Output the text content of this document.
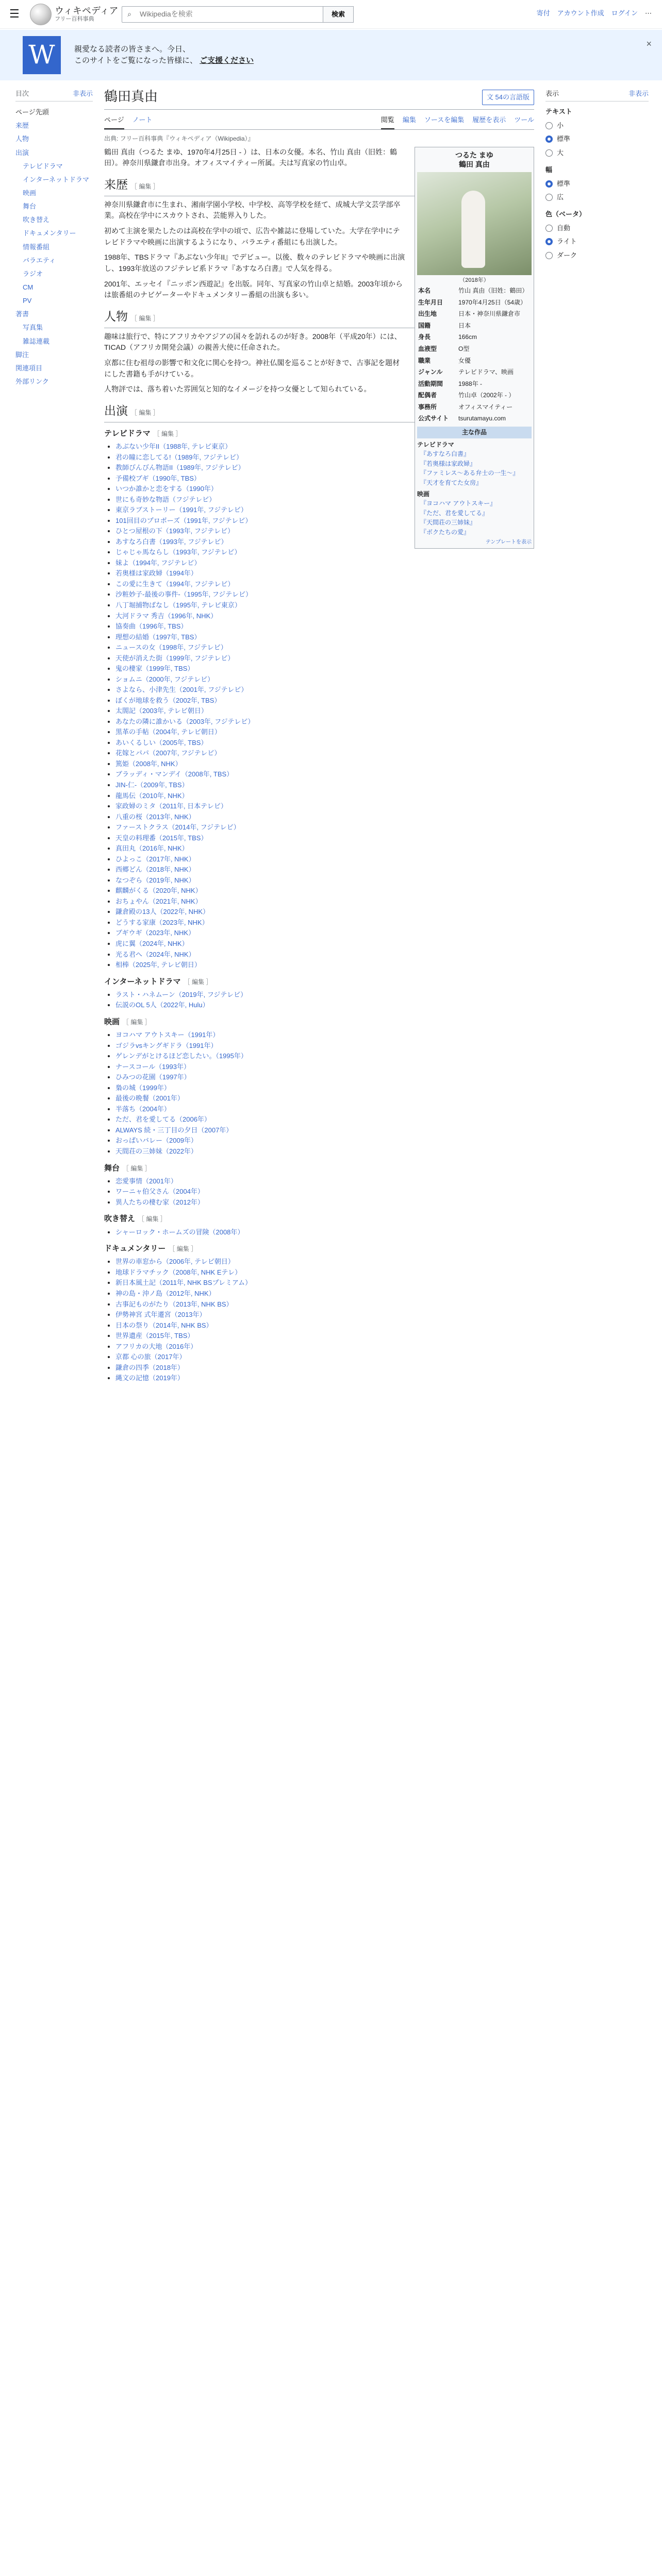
☰	ウィキペディア
フリー百科事典
⌕
Wikipediaを検索	検索	寄付 アカウント作成 ログイン ⋯
W	親愛なる読者の皆さまへ。今日、
このサイトをご覧になった皆様に、 ご支援ください
×
目次	非表示
ページ先頭
来歴
人物
出演
テレビドラマ
インターネットドラマ
映画
舞台
吹き替え
ドキュメンタリー
情報番組
バラエティ
ラジオ
CM
PV
著書
写真集
雑誌連載
脚注
関連項目
外部リンク
鶴田真由	文 54の言語版
ページ ノート	閲覧 編集 ソースを編集 履歴を表示 ツール
出典: フリー百科事典『ウィキペディア（Wikipedia）』
つるた まゆ
鶴田 真由
（2018年）
本名	竹山 真由（旧姓：鶴田）
生年月日	1970年4月25日（54歳）
出生地	日本・神奈川県鎌倉市
国籍	日本
身長	166cm
血液型	O型
職業	女優
ジャンル	テレビドラマ、映画
活動期間	1988年 -
配偶者	竹山卓（2002年 - ）
事務所	オフィスマイティー
公式サイト	tsurutamayu.com
主な作品
テレビドラマ
『あすなろ白書』
『若奥様は家政婦』
『ファミレス～ある弁士の一生～』
『天才を育てた女房』
映画
『ヨコハマ アウトスキー』
『ただ、君を愛してる』
『天間荘の三姉妹』
『ボクたちの愛』
テンプレートを表示

鶴田 真由（つるた まゆ、1970年4月25日 - ）は、日本の女優。本名、竹山 真由（旧姓：鶴田）。神奈川県鎌倉市出身。オフィスマイティー所属。夫は写真家の竹山卓。

来歴 ［ 編集 ］

神奈川県鎌倉市に生まれ、湘南学園小学校、中学校、高等学校を経て、成城大学文芸学部卒業。高校在学中にスカウトされ、芸能界入りした。

初めて主演を果たしたのは高校在学中の頃で、広告や雑誌に登場していた。大学在学中にテレビドラマや映画に出演するようになり、バラエティ番組にも出演した。

1988年、TBSドラマ『あぶない少年II』でデビュー。以後、数々のテレビドラマや映画に出演し、1993年放送のフジテレビ系ドラマ『あすなろ白書』で人気を得る。

2001年、エッセイ『ニッポン西遊記』を出版。同年、写真家の竹山卓と結婚。2003年頃からは旅番組のナビゲーターやドキュメンタリー番組の出演も多い。

人物 ［ 編集 ］

趣味は旅行で、特にアフリカやアジアの国々を訪れるのが好き。2008年（平成20年）には、TICAD（アフリカ開発会議）の親善大使に任命された。

京都に住む祖母の影響で和文化に関心を持つ。神社仏閣を巡ることが好きで、古事記を題材にした書籍も手がけている。

人物評では、落ち着いた雰囲気と知的なイメージを持つ女優として知られている。

出演 ［ 編集 ］
テレビドラマ ［ 編集 ］
• あぶない少年II（1988年, テレビ東京）
• 君の瞳に恋してる!（1989年, フジテレビ）
• 教師びんびん物語II（1989年, フジテレビ）
• 予備校ブギ（1990年, TBS）
• いつか誰かと恋をする（1990年）
• 世にも奇妙な物語（フジテレビ）
• 東京ラブストーリー（1991年, フジテレビ）
• 101回目のプロポーズ（1991年, フジテレビ）
• ひとつ屋根の下（1993年, フジテレビ）
• あすなろ白書（1993年, フジテレビ）
• じゃじゃ馬ならし（1993年, フジテレビ）
• 妹よ（1994年, フジテレビ）
• 若奥様は家政婦（1994年）
• この愛に生きて（1994年, フジテレビ）
• 沙粧妙子-最後の事件-（1995年, フジテレビ）
• 八丁堀捕物ばなし（1995年, テレビ東京）
• 大河ドラマ 秀吉（1996年, NHK）
• 協奏曲（1996年, TBS）
• 理想の結婚（1997年, TBS）
• ニュースの女（1998年, フジテレビ）
• 天使が消えた街（1999年, フジテレビ）
• 鬼の棲家（1999年, TBS）
• ショムニ（2000年, フジテレビ）
• さよなら、小津先生（2001年, フジテレビ）
• ぼくが地球を救う（2002年, TBS）
• 太閤記（2003年, テレビ朝日）
• あなたの隣に誰かいる（2003年, フジテレビ）
• 黒革の手帖（2004年, テレビ朝日）
• あいくるしい（2005年, TBS）
• 花嫁とパパ（2007年, フジテレビ）
• 篤姫（2008年, NHK）
• ブラッディ・マンデイ（2008年, TBS）
• JIN-仁-（2009年, TBS）
• 龍馬伝（2010年, NHK）
• 家政婦のミタ（2011年, 日本テレビ）
• 八重の桜（2013年, NHK）
• ファーストクラス（2014年, フジテレビ）
• 天皇の料理番（2015年, TBS）
• 真田丸（2016年, NHK）
• ひよっこ（2017年, NHK）
• 西郷どん（2018年, NHK）
• なつぞら（2019年, NHK）
• 麒麟がくる（2020年, NHK）
• おちょやん（2021年, NHK）
• 鎌倉殿の13人（2022年, NHK）
• どうする家康（2023年, NHK）
• ブギウギ（2023年, NHK）
• 虎に翼（2024年, NHK）
• 光る君へ（2024年, NHK）
• 相棒（2025年, テレビ朝日）
インターネットドラマ ［ 編集 ］
• ラスト・ハネムーン（2019年, フジテレビ）
• 伝説のOL 5人（2022年, Hulu）
映画 ［ 編集 ］
• ヨコハマ アウトスキー（1991年）
• ゴジラvsキングギドラ（1991年）
• ゲレンデがとけるほど恋したい。（1995年）
• ナースコール（1993年）
• ひみつの花園（1997年）
• 梟の城（1999年）
• 最後の晩餐（2001年）
• 半落ち（2004年）
• ただ、君を愛してる（2006年）
• ALWAYS 続・三丁目の夕日（2007年）
• おっぱいバレー（2009年）
• 天間荘の三姉妹（2022年）
舞台 ［ 編集 ］
• 恋愛事情（2001年）
• ワーニャ伯父さん（2004年）
• 異人たちの棲む家（2012年）
吹き替え ［ 編集 ］
• シャーロック・ホームズの冒険（2008年）
ドキュメンタリー ［ 編集 ］
• 世界の車窓から（2006年, テレビ朝日）
• 地球ドラマチック（2008年, NHK Eテレ）
• 新日本風土記（2011年, NHK BSプレミアム）
• 神の島・沖ノ島（2012年, NHK）
• 古事記ものがたり（2013年, NHK BS）
• 伊勢神宮 式年遷宮（2013年）
• 日本の祭り（2014年, NHK BS）
• 世界遺産（2015年, TBS）
• アフリカの大地（2016年）
• 京都 心の旅（2017年）
• 鎌倉の四季（2018年）
• 縄文の記憶（2019年）
表示	非表示
テキスト
小
標準
大
幅
標準
広
色（ベータ）
自動
ライト
ダーク
